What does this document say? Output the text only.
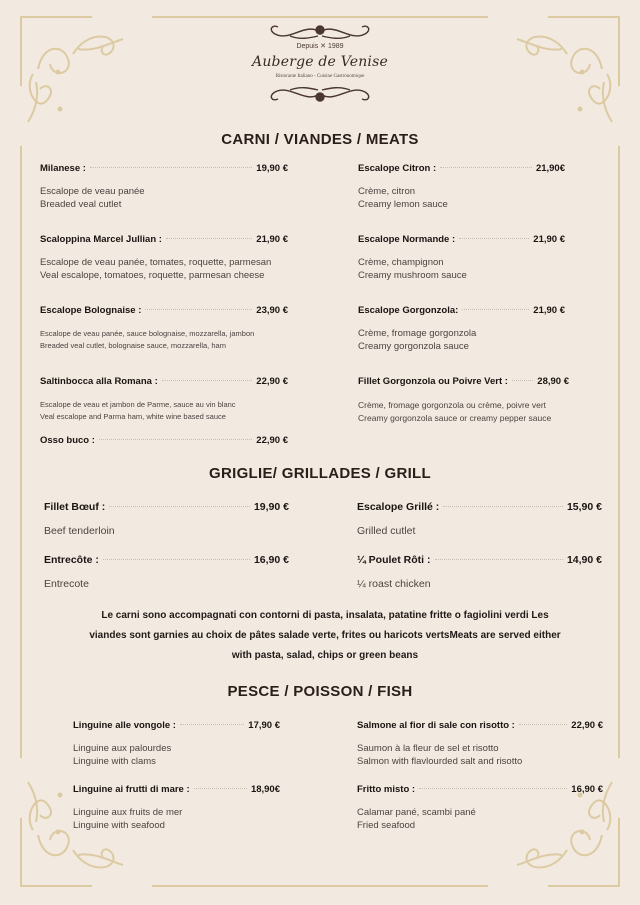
Depuis ✕ 1989
Auberge de Venise
Ristorante Italiano - Cuisine Gastronomique
CARNI / VIANDES / MEATS
Milanese :	19,90 €
Escalope de veau panée
Breaded veal cutlet
Scaloppina Marcel Jullian :	21,90 €
Escalope de veau panée, tomates, roquette, parmesan
Veal escalope, tomatoes, roquette, parmesan cheese
Escalope Bolognaise :	23,90 €
Escalope de veau panée, sauce bolognaise, mozzarella, jambon
Breaded veal cutlet, bolognaise sauce, mozzarella, ham
Saltinbocca alla Romana :	22,90 €
Escalope de veau et jambon de Parme, sauce au vin blanc
Veal escalope and Parma ham, white wine based sauce
Osso buco :	22,90 €
Escalope Citron :	21,90€
Crème, citron
Creamy lemon sauce
Escalope Normande :	21,90 €
Crème, champignon
Creamy mushroom sauce
Escalope Gorgonzola:	21,90 €
Crème, fromage gorgonzola
Creamy gorgonzola sauce
Fillet Gorgonzola ou Poivre Vert :	28,90 €
Crème, fromage gorgonzola ou crème, poivre vert
Creamy gorgonzola sauce or creamy pepper sauce
GRIGLIE/ GRILLADES / GRILL
Fillet Bœuf :	19,90 €
Beef tenderloin
Entrecôte :	16,90 €
Entrecote
Escalope Grillé :	15,90 €
Grilled cutlet
¼ Poulet Rôti :	14,90 €
¼ roast chicken
Le carni sono accompagnati con contorni di pasta, insalata, patatine fritte o fagiolini verdi Les
viandes sont garnies au choix de pâtes salade verte, frites ou haricots vertsMeats are served either
with pasta, salad, chips or green beans
PESCE / POISSON / FISH
Linguine alle vongole :	17,90 €
Linguine aux palourdes
Linguine with clams
Linguine ai frutti di mare :	18,90€
Linguine aux fruits de mer
Linguine with seafood
Salmone al fior di sale con risotto :	22,90 €
Saumon à la fleur de sel et risotto
Salmon with flavlourded salt and risotto
Fritto misto :	16,90 €
Calamar pané, scambi pané
Fried seafood
